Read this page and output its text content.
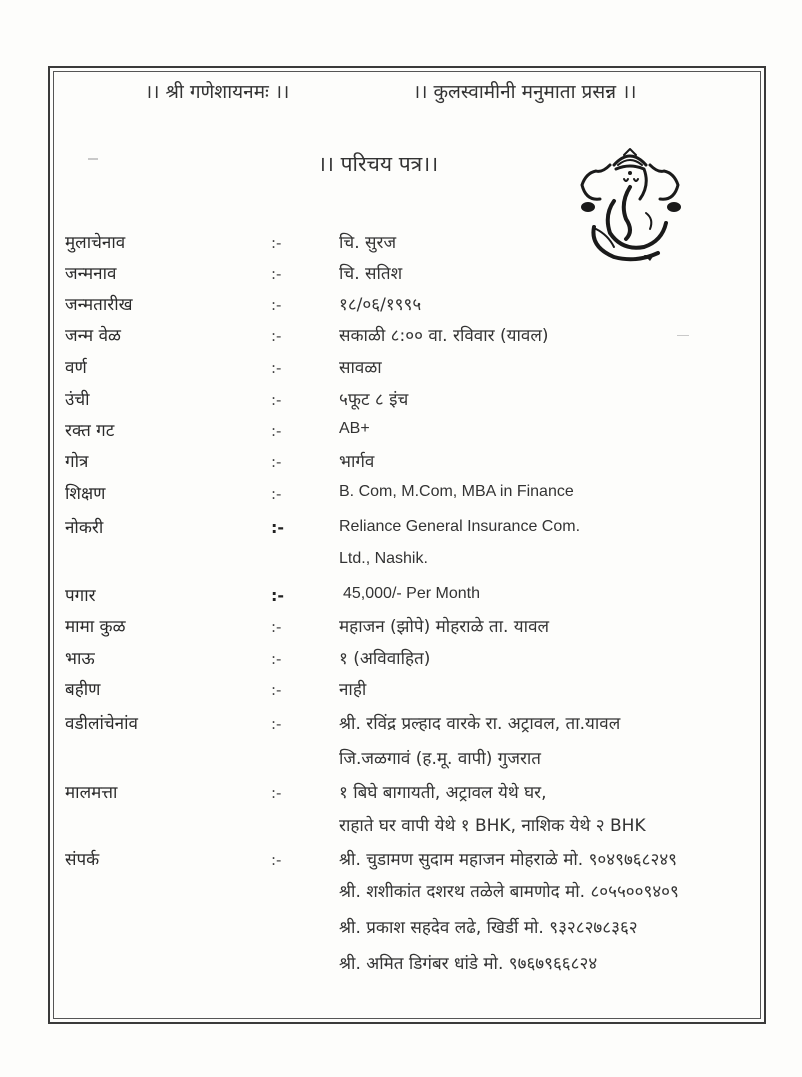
।। श्री गणेशायनमः ।।	।। कुलस्वामीनी मनुमाता प्रसन्न ।।
।। परिचय पत्र।।
मुलाचेनाव	:-	चि. सुरज
जन्मनाव	:-	चि. सतिश
जन्मतारीख	:-	१८/०६/१९९५
जन्म वेळ	:-	सकाळी ८:०० वा. रविवार (यावल)
वर्ण	:-	सावळा
उंची	:-	५फूट ८ इंच
रक्त गट	:-	AB+
गोत्र	:-	भार्गव
शिक्षण	:-	B. Com, M.Com, MBA in Finance
नोकरी	:-	Reliance General Insurance Com.
Ltd., Nashik.
पगार	:-	45,000/- Per Month
मामा कुळ	:-	महाजन (झोपे) मोहराळे ता. यावल
भाऊ	:-	१ (अविवाहित)
बहीण	:-	नाही
वडीलांचेनांव	:-	श्री. रविंद्र प्रल्हाद वारके रा. अट्रावल, ता.यावल
जि.जळगावं (ह.मू. वापी) गुजरात
मालमत्ता	:-	१ बिघे बागायती, अट्रावल येथे घर,
राहाते घर वापी येथे १ BHK, नाशिक येथे २ BHK
संपर्क	:-	श्री. चुडामण सुदाम महाजन मोहराळे मो. ९०४९७६८२४९
श्री. शशीकांत दशरथ तळेले बामणोद मो. ८०५५००९४०९
श्री. प्रकाश सहदेव लढे, खिर्डी मो. ९३२८२७८३६२
श्री. अमित डिगंबर धांडे मो. ९७६७९६६८२४
